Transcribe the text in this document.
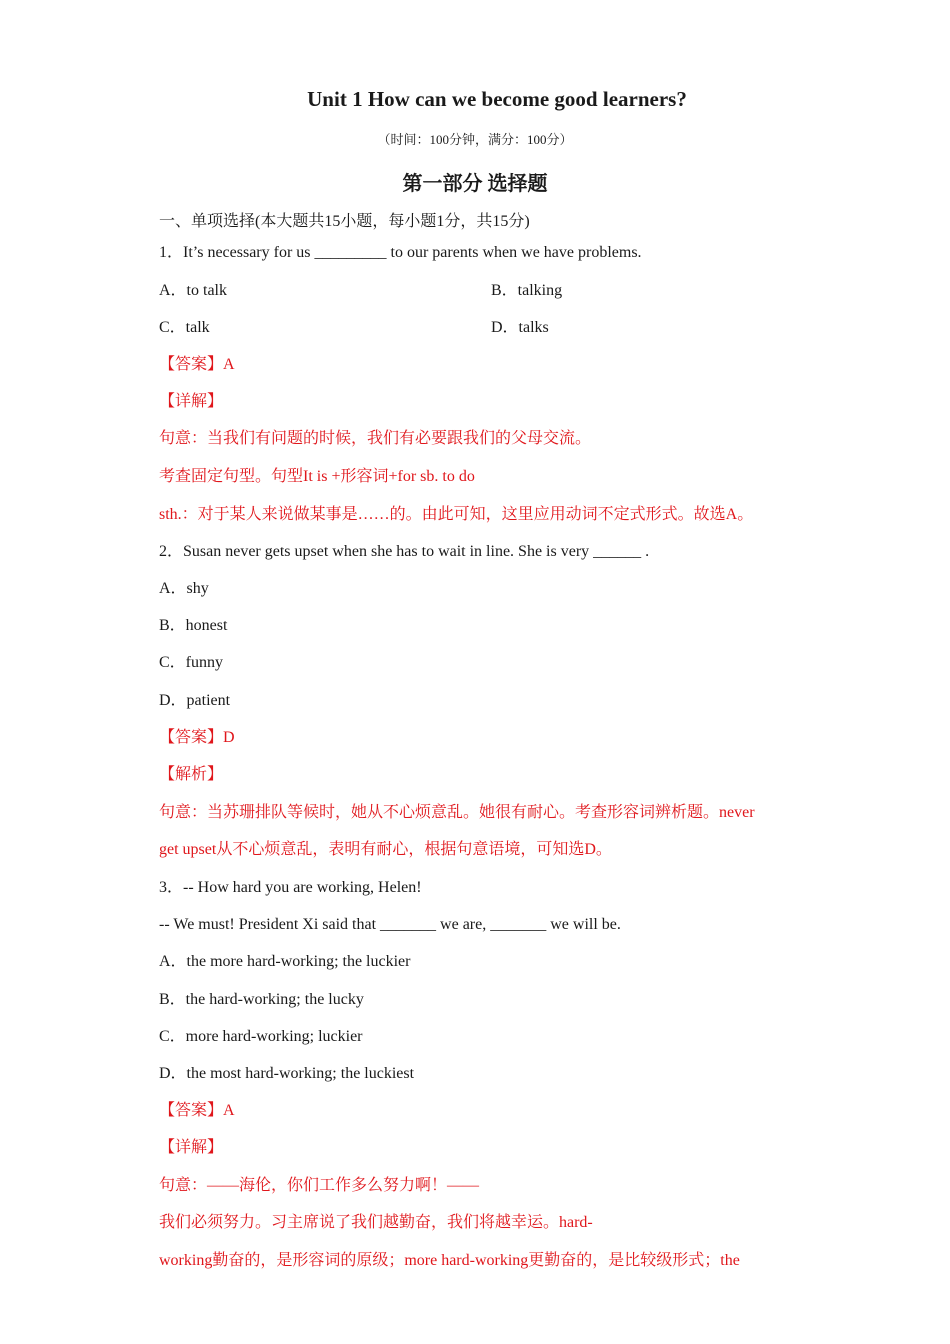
Unit 1 How can we become good learners?
（时间：100分钟，满分：100分）
第一部分 选择题
一、单项选择(本大题共15小题，每小题1分，共15分)
1．It’s necessary for us _________ to our parents when we have problems.
A．to talk	B．talking
C．talk	D．talks
【答案】A
【详解】
句意：当我们有问题的时候，我们有必要跟我们的父母交流。
考查固定句型。句型It is +形容词+for sb. to do
sth.：对于某人来说做某事是……的。由此可知，这里应用动词不定式形式。故选A。
2．Susan never gets upset when she has to wait in line. She is very ______ .
A．shy
B．honest
C．funny
D．patient
【答案】D
【解析】
句意：当苏珊排队等候时，她从不心烦意乱。她很有耐心。考查形容词辨析题。never
get upset从不心烦意乱，表明有耐心，根据句意语境，可知选D。
3．-- How hard you are working, Helen!
-- We must! President Xi said that _______ we are, _______ we will be.
A．the more hard-working; the luckier
B．the hard-working; the lucky
C．more hard-working; luckier
D．the most hard-working; the luckiest
【答案】A
【详解】
句意：——海伦，你们工作多么努力啊！——
我们必须努力。习主席说了我们越勤奋，我们将越幸运。hard-
working勤奋的，是形容词的原级；more hard-working更勤奋的，是比较级形式；the
